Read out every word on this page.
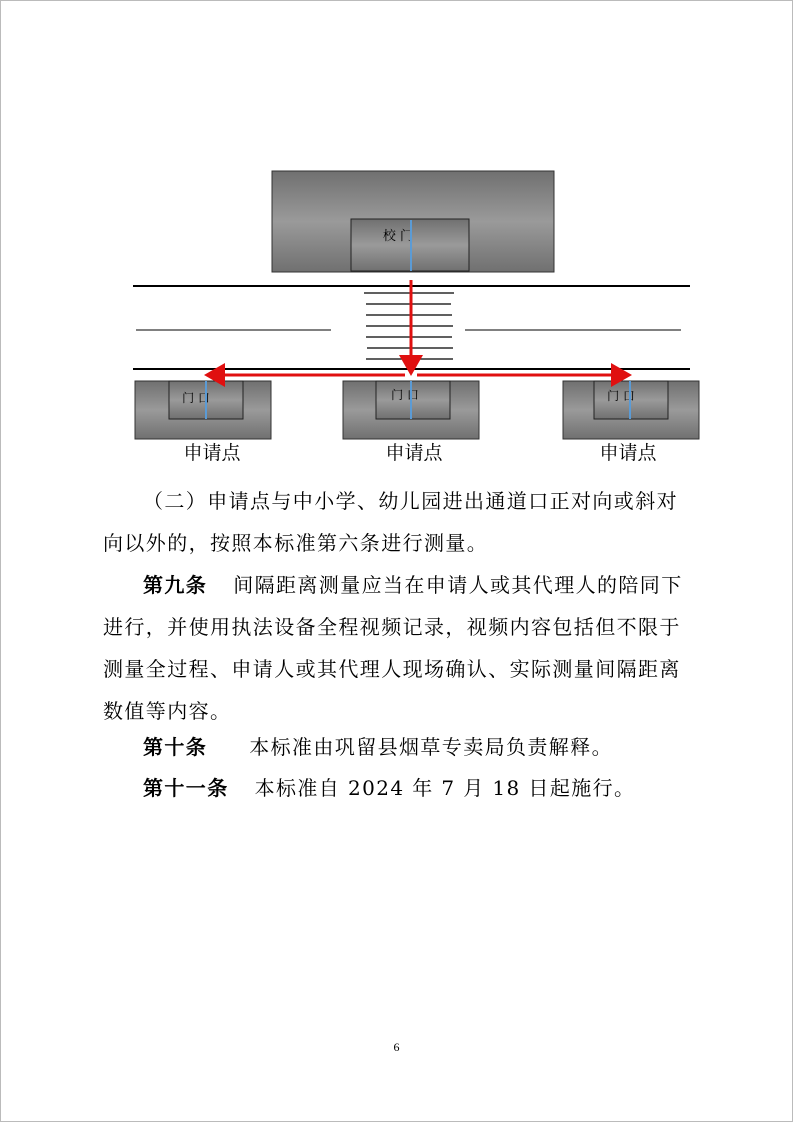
校 门
门 口	门 口	门 口
申请点	申请点	申请点

（二）申请点与中小学、幼儿园进出通道口正对向或斜对向以外的，按照本标准第六条进行测量。

第九条 间隔距离测量应当在申请人或其代理人的陪同下进行，并使用执法设备全程视频记录，视频内容包括但不限于测量全过程、申请人或其代理人现场确认、实际测量间隔距离数值等内容。

第十条 本标准由巩留县烟草专卖局负责解释。

第十一条 本标准自 2024 年 7 月 18 日起施行。

6
